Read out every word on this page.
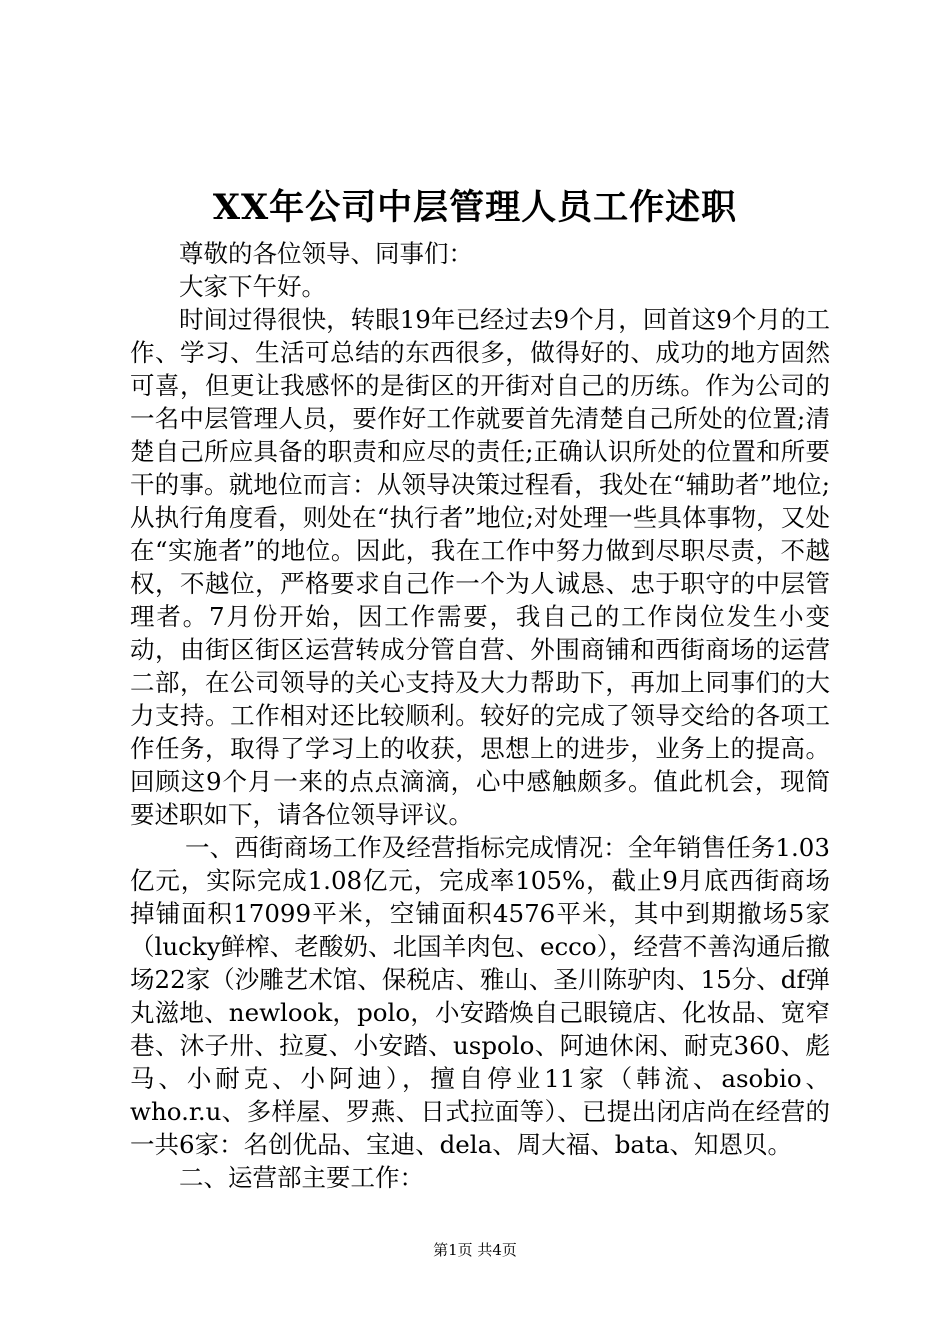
XX年公司中层管理人员工作述职

尊敬的各位领导、同事们：

大家下午好。

时间过得很快，转眼19年已经过去9个月，回首这9个月的工作、学习、生活可总结的东西很多，做得好的、成功的地方固然可喜，但更让我感怀的是街区的开街对自己的历练。作为公司的一名中层管理人员，要作好工作就要首先清楚自己所处的位置;清楚自己所应具备的职责和应尽的责任;正确认识所处的位置和所要干的事。就地位而言：从领导决策过程看，我处在“辅助者”地位;从执行角度看，则处在“执行者”地位;对处理一些具体事物，又处在“实施者”的地位。因此，我在工作中努力做到尽职尽责，不越权，不越位，严格要求自己作一个为人诚恳、忠于职守的中层管理者。7月份开始，因工作需要，我自己的工作岗位发生小变动，由街区街区运营转成分管自营、外围商铺和西街商场的运营二部，在公司领导的关心支持及大力帮助下，再加上同事们的大力支持。工作相对还比较顺利。较好的完成了领导交给的各项工作任务，取得了学习上的收获，思想上的进步，业务上的提高。回顾这9个月一来的点点滴滴，心中感触颇多。值此机会，现简要述职如下，请各位领导评议。

一、西街商场工作及经营指标完成情况：全年销售任务1.03亿元，实际完成1.08亿元，完成率105%，截止9月底西街商场掉铺面积17099平米，空铺面积4576平米，其中到期撤场5家（lucky鲜榨、老酸奶、北国羊肉包、ecco），经营不善沟通后撤场22家（沙雕艺术馆、保税店、雅山、圣川陈驴肉、15分、df弹丸滋地、newlook，polo，小安踏焕自己眼镜店、化妆品、宽窄巷、沐子卅、拉夏、小安踏、uspolo、阿迪休闲、耐克360、彪马、小耐克、小阿迪），擅自停业11家（韩流、asobio、who.r.u、多样屋、罗燕、日式拉面等）、已提出闭店尚在经营的一共6家：名创优品、宝迪、dela、周大福、bata、知恩贝。

二、运营部主要工作：

第1页 共4页
